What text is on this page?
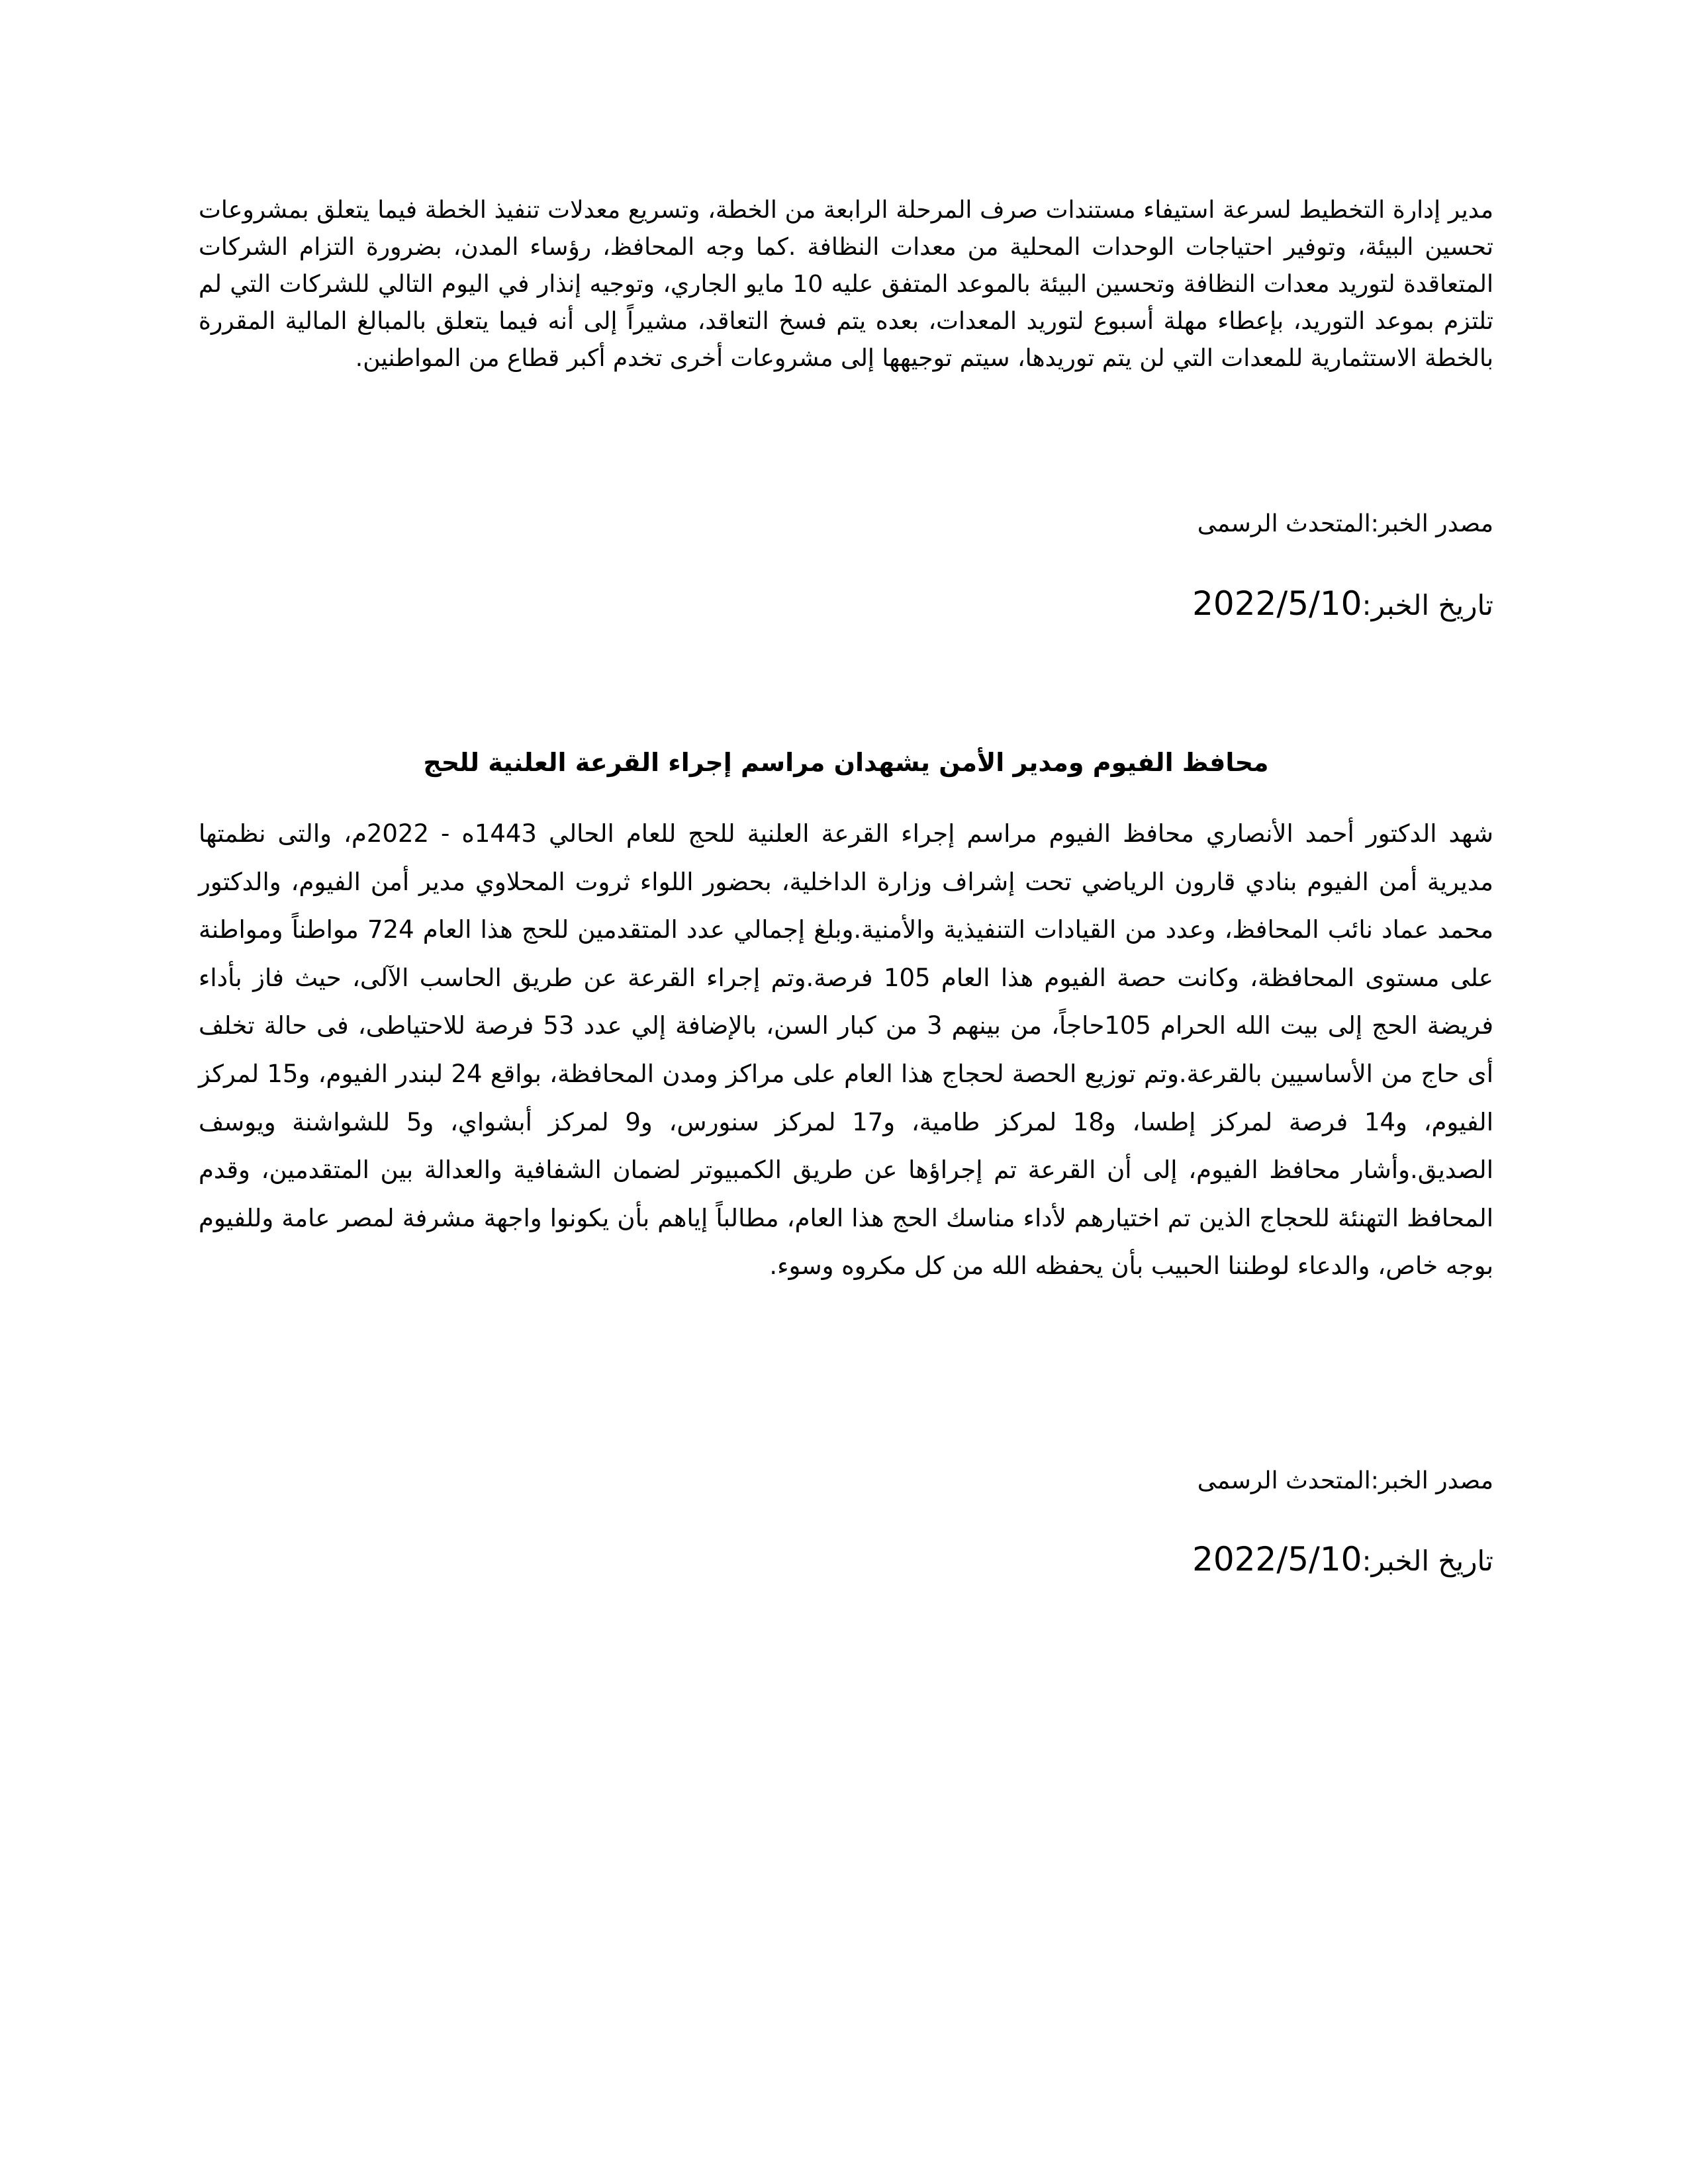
مدير إدارة التخطيط لسرعة استيفاء مستندات صرف المرحلة الرابعة من الخطة، وتسريع معدلات تنفيذ الخطة فيما يتعلق بمشروعات تحسين البيئة، وتوفير احتياجات الوحدات المحلية من معدات النظافة .كما وجه المحافظ، رؤساء المدن، بضرورة التزام الشركات المتعاقدة لتوريد معدات النظافة وتحسين البيئة بالموعد المتفق عليه 10 مايو الجاري، وتوجيه إنذار في اليوم التالي للشركات التي لم تلتزم بموعد التوريد، بإعطاء مهلة أسبوع لتوريد المعدات، بعده يتم فسخ التعاقد، مشيراً إلى أنه فيما يتعلق بالمبالغ المالية المقررة بالخطة الاستثمارية للمعدات التي لن يتم توريدها، سيتم توجيهها إلى مشروعات أخرى تخدم أكبر قطاع من المواطنين.
مصدر الخبر:المتحدث الرسمى
تاريخ الخبر:2022/5/10
محافظ الفيوم ومدير الأمن يشهدان مراسم إجراء القرعة العلنية للحج
شهد الدكتور أحمد الأنصاري محافظ الفيوم مراسم إجراء القرعة العلنية للحج للعام الحالي 1443ه - 2022م، والتى نظمتها مديرية أمن الفيوم بنادي قارون الرياضي تحت إشراف وزارة الداخلية، بحضور اللواء ثروت المحلاوي مدير أمن الفيوم، والدكتور محمد عماد نائب المحافظ، وعدد من القيادات التنفيذية والأمنية.وبلغ إجمالي عدد المتقدمين للحج هذا العام 724 مواطناً ومواطنة على مستوى المحافظة، وكانت حصة الفيوم هذا العام 105 فرصة.وتم إجراء القرعة عن طريق الحاسب الآلى، حيث فاز بأداء فريضة الحج إلى بيت الله الحرام 105حاجاً، من بينهم 3 من كبار السن، بالإضافة إلي عدد 53 فرصة للاحتياطى، فى حالة تخلف أى حاج من الأساسيين بالقرعة.وتم توزيع الحصة لحجاج هذا العام على مراكز ومدن المحافظة، بواقع 24 لبندر الفيوم، و15 لمركز الفيوم، و14 فرصة لمركز إطسا، و18 لمركز طامية، و17 لمركز سنورس، و9 لمركز أبشواي، و5 للشواشنة ويوسف الصديق.وأشار محافظ الفيوم، إلى أن القرعة تم إجراؤها عن طريق الكمبيوتر لضمان الشفافية والعدالة بين المتقدمين، وقدم المحافظ التهنئة للحجاج الذين تم اختيارهم لأداء مناسك الحج هذا العام، مطالباً إياهم بأن يكونوا واجهة مشرفة لمصر عامة وللفيوم بوجه خاص، والدعاء لوطننا الحبيب بأن يحفظه الله من كل مكروه وسوء.
مصدر الخبر:المتحدث الرسمى
تاريخ الخبر:2022/5/10
